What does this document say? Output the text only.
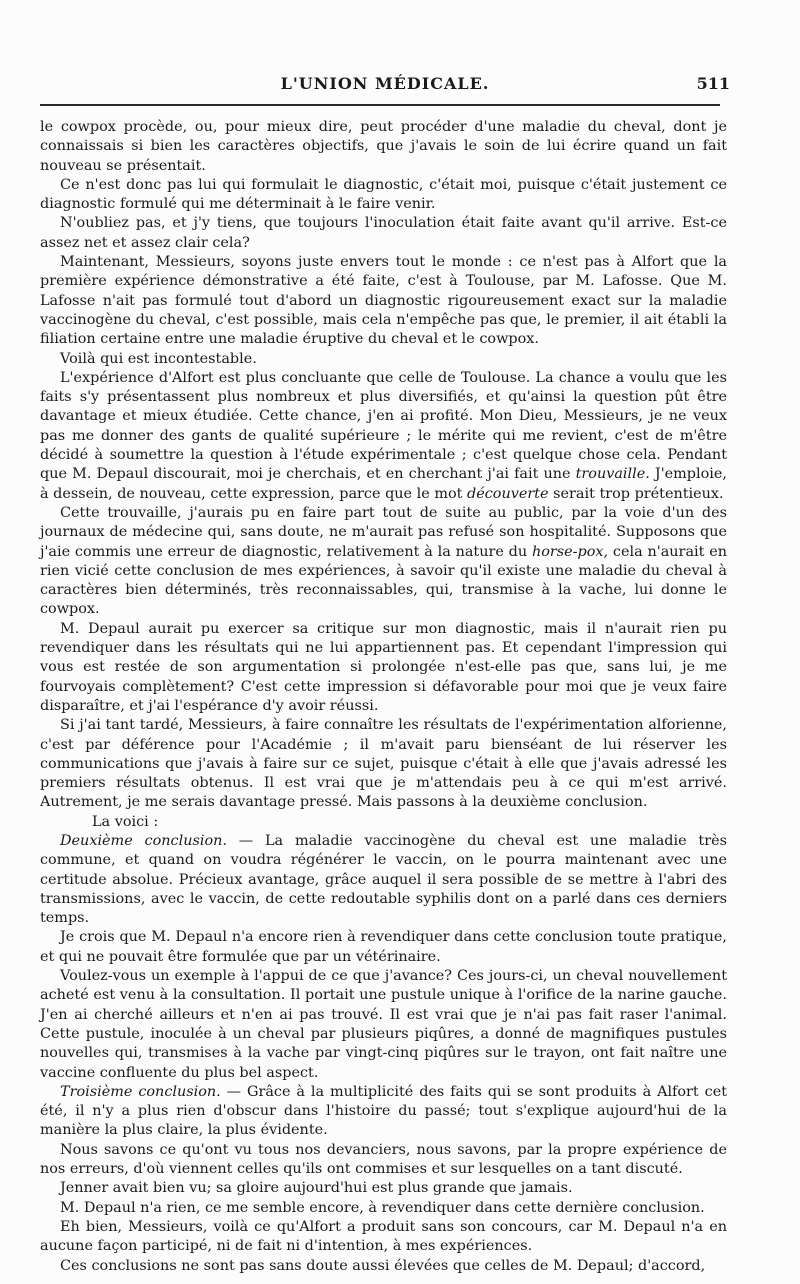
L'UNION MÉDICALE.	511

le cowpox procède, ou, pour mieux dire, peut procéder d'une maladie du cheval, dont je connaissais si bien les caractères objectifs, que j'avais le soin de lui écrire quand un fait nouveau se présentait.

Ce n'est donc pas lui qui formulait le diagnostic, c'était moi, puisque c'était justement ce diagnostic formulé qui me déterminait à le faire venir.

N'oubliez pas, et j'y tiens, que toujours l'inoculation était faite avant qu'il arrive. Est-ce assez net et assez clair cela?

Maintenant, Messieurs, soyons juste envers tout le monde : ce n'est pas à Alfort que la première expérience démonstrative a été faite, c'est à Toulouse, par M. Lafosse. Que M. Lafosse n'ait pas formulé tout d'abord un diagnostic rigoureusement exact sur la maladie vaccinogène du cheval, c'est possible, mais cela n'empêche pas que, le premier, il ait établi la filiation certaine entre une maladie éruptive du cheval et le cowpox.

Voilà qui est incontestable.

L'expérience d'Alfort est plus concluante que celle de Toulouse. La chance a voulu que les faits s'y présentassent plus nombreux et plus diversifiés, et qu'ainsi la question pût être davantage et mieux étudiée. Cette chance, j'en ai profité. Mon Dieu, Messieurs, je ne veux pas me donner des gants de qualité supérieure ; le mérite qui me revient, c'est de m'être décidé à soumettre la question à l'étude expérimentale ; c'est quelque chose cela. Pendant que M. Depaul discourait, moi je cherchais, et en cherchant j'ai fait une trouvaille. J'emploie, à dessein, de nouveau, cette expression, parce que le mot découverte serait trop prétentieux.

Cette trouvaille, j'aurais pu en faire part tout de suite au public, par la voie d'un des journaux de médecine qui, sans doute, ne m'aurait pas refusé son hospitalité. Supposons que j'aie commis une erreur de diagnostic, relativement à la nature du horse-pox, cela n'aurait en rien vicié cette conclusion de mes expériences, à savoir qu'il existe une maladie du cheval à caractères bien déterminés, très reconnaissables, qui, transmise à la vache, lui donne le cowpox.

M. Depaul aurait pu exercer sa critique sur mon diagnostic, mais il n'aurait rien pu revendiquer dans les résultats qui ne lui appartiennent pas. Et cependant l'impression qui vous est restée de son argumentation si prolongée n'est-elle pas que, sans lui, je me fourvoyais complètement? C'est cette impression si défavorable pour moi que je veux faire disparaître, et j'ai l'espérance d'y avoir réussi.

Si j'ai tant tardé, Messieurs, à faire connaître les résultats de l'expérimentation alforienne, c'est par déférence pour l'Académie ; il m'avait paru bienséant de lui réserver les communications que j'avais à faire sur ce sujet, puisque c'était à elle que j'avais adressé les premiers résultats obtenus. Il est vrai que je m'attendais peu à ce qui m'est arrivé. Autrement, je me serais davantage pressé. Mais passons à la deuxième conclusion.

La voici :

Deuxième conclusion. — La maladie vaccinogène du cheval est une maladie très commune, et quand on voudra régénérer le vaccin, on le pourra maintenant avec une certitude absolue. Précieux avantage, grâce auquel il sera possible de se mettre à l'abri des transmissions, avec le vaccin, de cette redoutable syphilis dont on a parlé dans ces derniers temps.

Je crois que M. Depaul n'a encore rien à revendiquer dans cette conclusion toute pratique, et qui ne pouvait être formulée que par un vétérinaire.

Voulez-vous un exemple à l'appui de ce que j'avance? Ces jours-ci, un cheval nouvellement acheté est venu à la consultation. Il portait une pustule unique à l'orifice de la narine gauche. J'en ai cherché ailleurs et n'en ai pas trouvé. Il est vrai que je n'ai pas fait raser l'animal. Cette pustule, inoculée à un cheval par plusieurs piqûres, a donné de magnifiques pustules nouvelles qui, transmises à la vache par vingt-cinq piqûres sur le trayon, ont fait naître une vaccine confluente du plus bel aspect.

Troisième conclusion. — Grâce à la multiplicité des faits qui se sont produits à Alfort cet été, il n'y a plus rien d'obscur dans l'histoire du passé; tout s'explique aujourd'hui de la manière la plus claire, la plus évidente.

Nous savons ce qu'ont vu tous nos devanciers, nous savons, par la propre expérience de nos erreurs, d'où viennent celles qu'ils ont commises et sur lesquelles on a tant discuté.

Jenner avait bien vu; sa gloire aujourd'hui est plus grande que jamais.

M. Depaul n'a rien, ce me semble encore, à revendiquer dans cette dernière conclusion.

Eh bien, Messieurs, voilà ce qu'Alfort a produit sans son concours, car M. Depaul n'a en aucune façon participé, ni de fait ni d'intention, à mes expériences.

Ces conclusions ne sont pas sans doute aussi élevées que celles de M. Depaul; d'accord,
